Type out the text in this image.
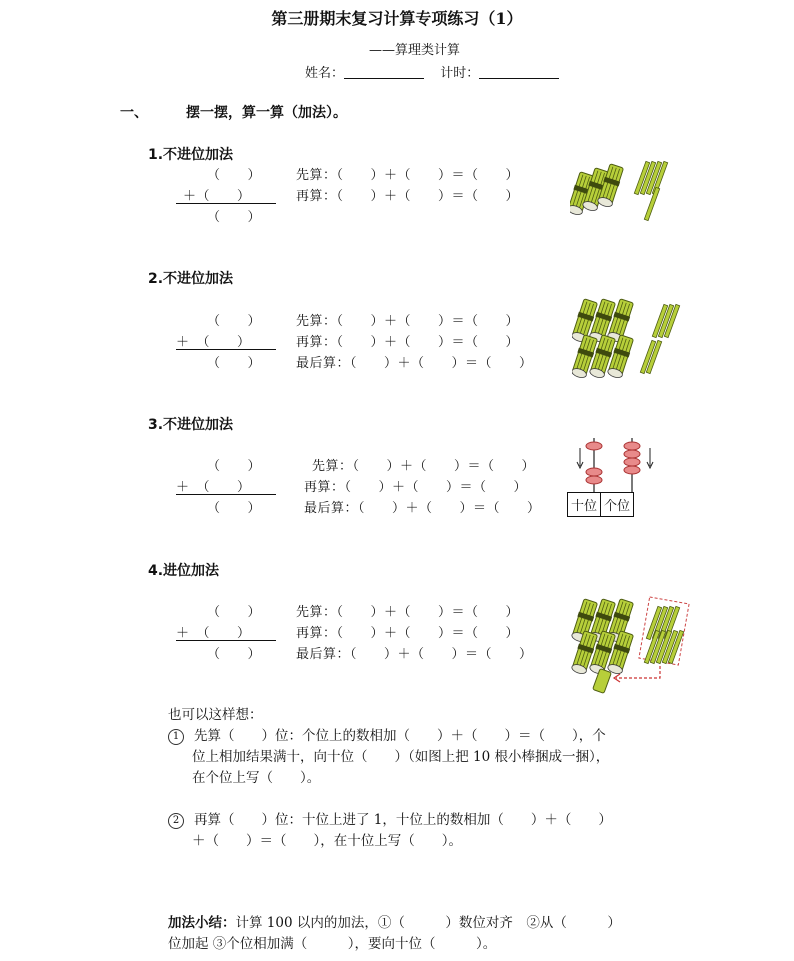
第三册期末复习计算专项练习（1）
——算理类计算
姓名：	计时：
一、	摆一摆，算一算（加法）。
1.不进位加法
（　　）
＋（　　）
（　　）
先算：（　　）＋（　　）＝（　　）
再算：（　　）＋（　　）＝（　　）
2.不进位加法
（　　）
＋　（　　）
（　　）
先算：（　　）＋（　　）＝（　　）
再算：（　　）＋（　　）＝（　　）
最后算：（　　）＋（　　）＝（　　）
3.不进位加法
（　　）
＋　（　　）
（　　）
先算：（　　）＋（　　）＝（　　）
再算：（　　）＋（　　）＝（　　）
最后算：（　　）＋（　　）＝（　　）	十位 个位
4.进位加法
（　　）
＋　（　　）
（　　）
先算：（　　）＋（　　）＝（　　）
再算：（　　）＋（　　）＝（　　）
最后算：（　　）＋（　　）＝（　　）
也可以这样想：
1 先算（　　）位：个位上的数相加（　　）＋（　　）＝（　　），个
位上相加结果满十，向十位（　　）（如图上把 10 根小棒捆成一捆），
在个位上写（　　）。
2 再算（　　）位：十位上进了 1，十位上的数相加（　　）＋（　　）
＋（　　）＝（　　），在十位上写（　　）。
加法小结：计算 100 以内的加法，①（　　　）数位对齐　②从（　　　）
位加起 ③个位相加满（　　　），要向十位（　　　）。
